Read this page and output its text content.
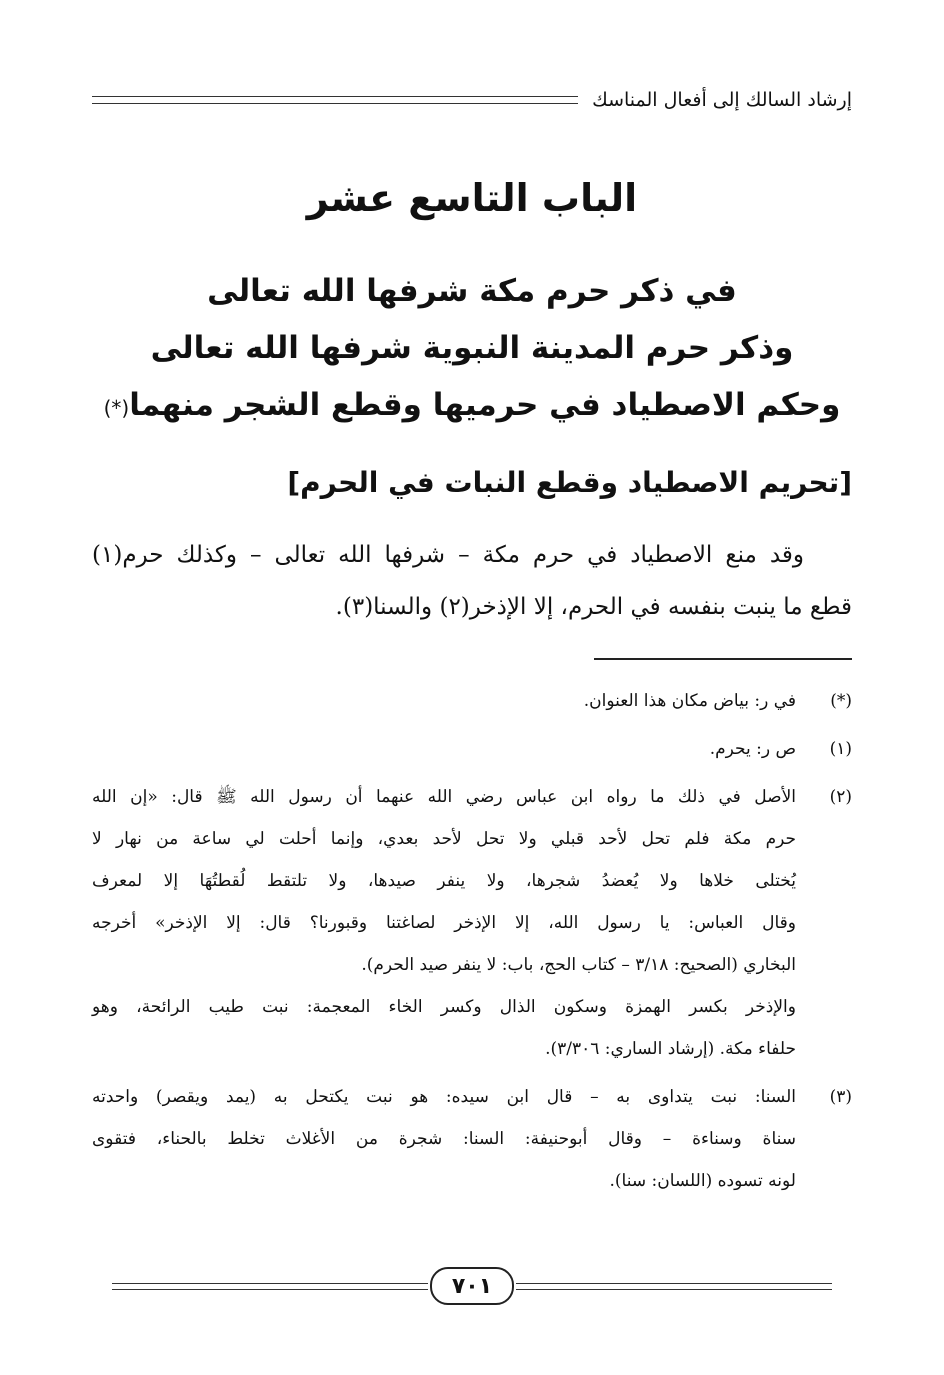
إرشاد السالك إلى أفعال المناسك
الباب التاسع عشر
في ذكر حرم مكة شرفها الله تعالى
وذكر حرم المدينة النبوية شرفها الله تعالى
وحكم الاصطياد في حرميها وقطع الشجر منهما(*)
[تحريم الاصطياد وقطع النبات في الحرم]
وقد منع الاصطياد في حرم مكة – شرفها الله تعالى – وكذلك حرم(١)
قطع ما ينبت بنفسه في الحرم، إلا الإذخر(٢) والسنا(٣).
(*)
في ر: بياض مكان هذا العنوان.
(١)
ص ر: يحرم.
(٢)
الأصل في ذلك ما رواه ابن عباس رضي الله عنهما أن رسول الله ﷺ قال: «إن الله
حرم مكة فلم تحل لأحد قبلي ولا تحل لأحد بعدي، وإنما أحلت لي ساعة من نهار لا
يُختلى خلاها ولا يُعضدُ شجرها، ولا ينفر صيدها، ولا تلتقط لُقطتُهَا إلا لمعرف
وقال العباس: يا رسول الله، إلا الإذخر لصاغتنا وقبورنا؟ قال: إلا الإذخر» أخرجه
البخاري (الصحيح: ٣/١٨ – كتاب الحج، باب: لا ينفر صيد الحرم).
والإذخر بكسر الهمزة وسكون الذال وكسر الخاء المعجمة: نبت طيب الرائحة، وهو
حلفاء مكة. (إرشاد الساري: ٣/٣٠٦).
(٣)
السنا: نبت يتداوى به – قال ابن سيده: هو نبت يكتحل به (يمد ويقصر) واحدته
سناة وسناءة – وقال أبوحنيفة: السنا: شجرة من الأغلاث تخلط بالحناء، فتقوى
لونه تسوده (اللسان: سنا).
٧٠١
